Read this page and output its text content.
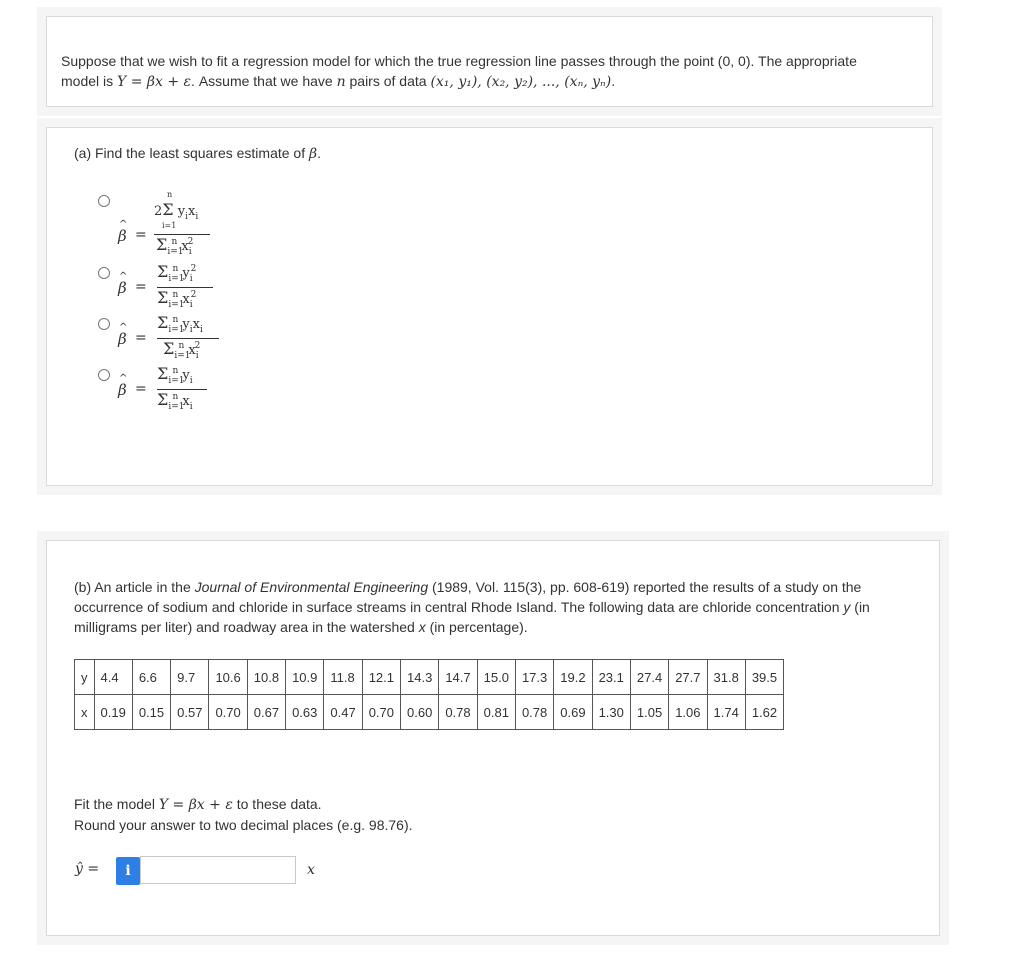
Suppose that we wish to fit a regression model for which the true regression line passes through the point (0, 0). The appropriate
model is Y = βx + ε. Assume that we have n pairs of data (x₁, y₁), (x₂, y₂), ..., (xₙ, yₙ).
(a) Find the least squares estimate of β.
^
β =
n
2Σ $y_ix_i$
i=1
$\Sigma_{i=1}^n$ $x_i^2$
^
β =
$\Sigma_{i=1}^n$ $y_i^2$
$\Sigma_{i=1}^n$ $x_i^2$
^
β =
$\Sigma_{i=1}^n$ $y_ix_i$
$\Sigma_{i=1}^n$ $x_i^2$
^
β =
$\Sigma_{i=1}^n$ $y_i$
$\Sigma_{i=1}^n$ $x_i$
(b) An article in the Journal of Environmental Engineering (1989, Vol. 115(3), pp. 608-619) reported the results of a study on the
occurrence of sodium and chloride in surface streams in central Rhode Island. The following data are chloride concentration y (in
milligrams per liter) and roadway area in the watershed x (in percentage).
y	4.4	6.6	9.7	10.6	10.8	10.9	11.8	12.1	14.3	14.7	15.0	17.3	19.2	23.1	27.4	27.7	31.8	39.5
x	0.19	0.15	0.57	0.70	0.67	0.63	0.47	0.70	0.60	0.78	0.81	0.78	0.69	1.30	1.05	1.06	1.74	1.62
Fit the model Y = βx + ε to these data.
Round your answer to two decimal places (e.g. 98.76).
ŷ =	i	x
